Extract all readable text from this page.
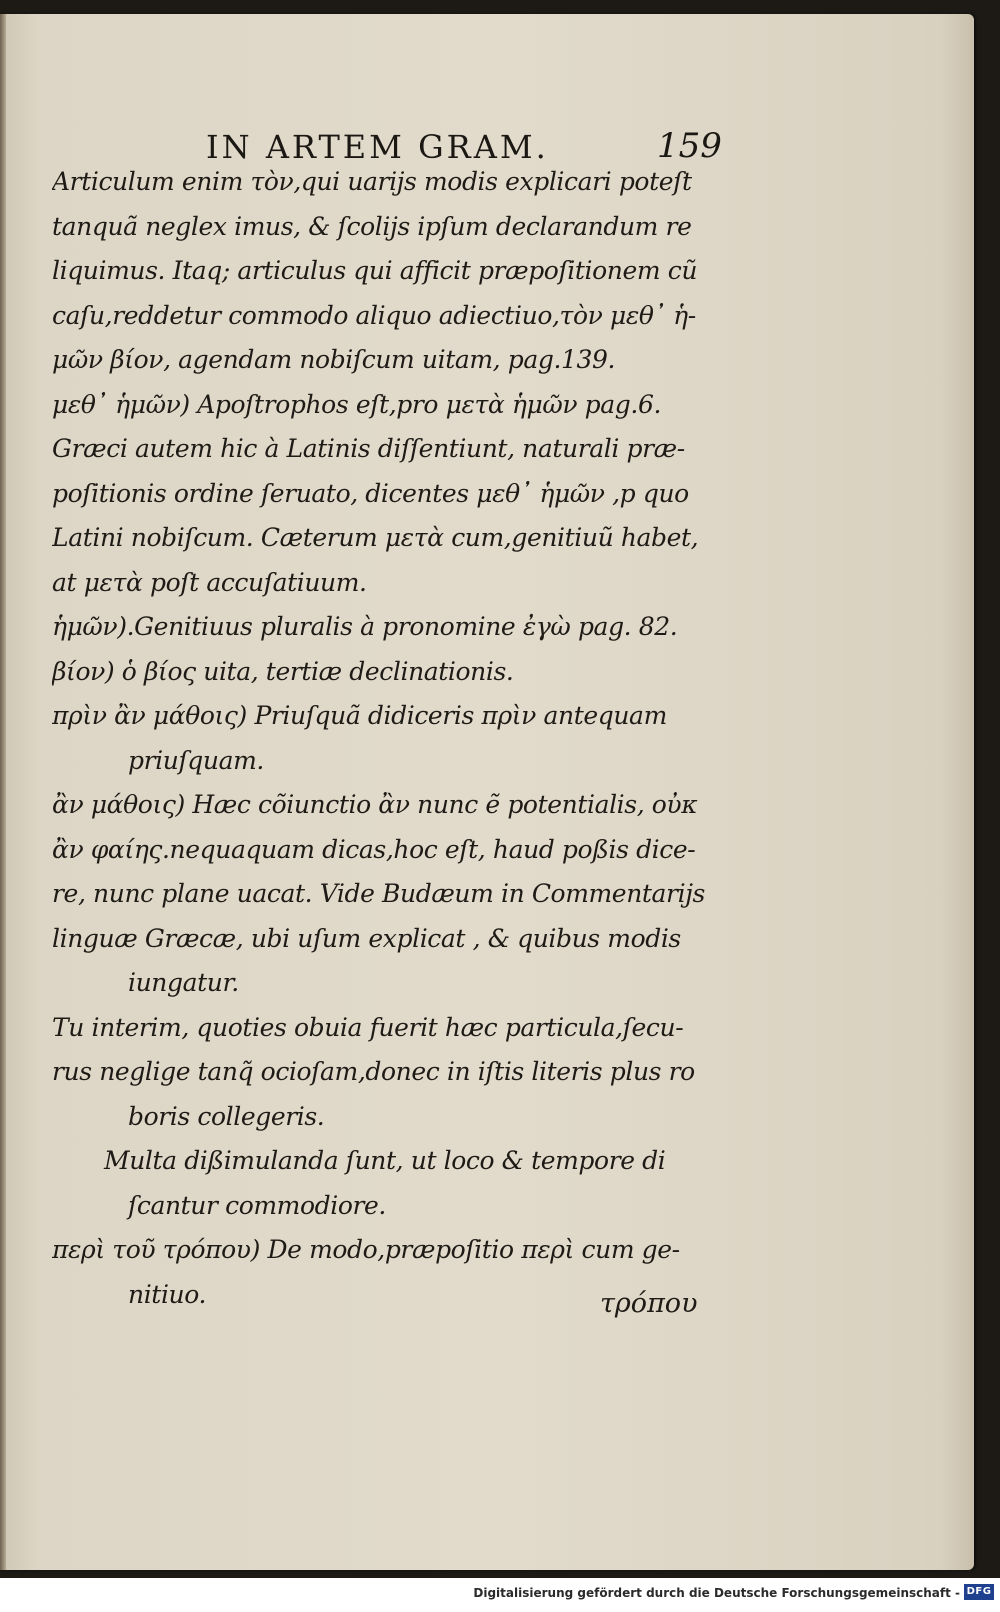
IN ARTEM GRAM.	159
Articulum enim τὸν,qui uarijs modis explicari poteſt
tanquã neglex imus, & ſcolijs ipſum declarandum re
liquimus. Itaq; articulus qui afficit præpoſitionem cũ
caſu,reddetur commodo aliquo adiectiuo,τὸν μεθ᾽ ἡ-
μῶν βίον, agendam nobiſcum uitam, pag.139.
μεθ᾽ ἡμῶν) Apoſtrophos eſt,pro μετὰ ἡμῶν pag.6.
Græci autem hic à Latinis diſſentiunt, naturali præ-
poſitionis ordine ſeruato, dicentes μεθ᾽ ἡμῶν ,p quo
Latini nobiſcum. Cæterum μετὰ cum,genitiuũ habet,
at μετὰ poſt accuſatiuum.
ἡμῶν).Genitiuus pluralis à pronomine ἐγὼ pag. 82.
βίον) ὁ βίος uita, tertiæ declinationis.
πρὶν ἂν μάθοις) Priuſquã didiceris πρὶν antequam
priuſquam.
ἂν μάθοις) Hæc cõiunctio ἂν nunc ẽ potentialis, οὐκ
ἂν φαίης.nequaquam dicas,hoc eſt, haud poßis dice-
re, nunc plane uacat. Vide Budæum in Commentarijs
linguæ Græcæ, ubi uſum explicat , & quibus modis
iungatur.
Tu interim, quoties obuia fuerit hæc particula,ſecu-
rus neglige tanq̃ ocioſam,donec in iſtis literis plus ro
boris collegeris.
Multa dißimulanda ſunt, ut loco & tempore di
ſcantur commodiore.
περὶ τοῦ τρόπου) De modo,præpoſitio περὶ cum ge-
nitiuo.	τρόπου
Digitalisierung gefördert durch die Deutsche Forschungsgemeinschaft - DFG
